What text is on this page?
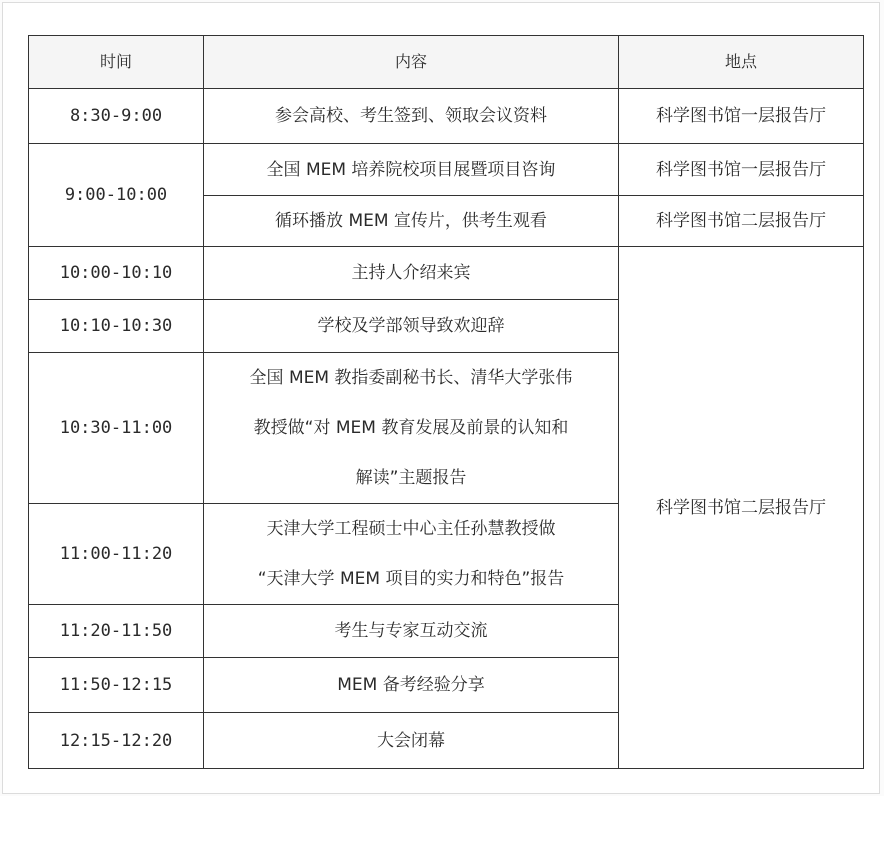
时间	内容	地点
8:30-9:00	参会高校、考生签到、领取会议资料	科学图书馆一层报告厅
9:00-10:00	全国 MEM 培养院校项目展暨项目咨询	科学图书馆一层报告厅
	循环播放 MEM 宣传片，供考生观看	科学图书馆二层报告厅
10:00-10:10	主持人介绍来宾	科学图书馆二层报告厅
10:10-10:30	学校及学部领导致欢迎辞	
10:30-11:00	全国 MEM 教指委副秘书长、清华大学张伟
教授做“对 MEM 教育发展及前景的认知和
解读”主题报告	

11:00-11:20	天津大学工程硕士中心主任孙慧教授做
“天津大学 MEM 项目的实力和特色”报告	

11:20-11:50	考生与专家互动交流	
11:50-12:15	MEM 备考经验分享	
12:15-12:20	大会闭幕	
